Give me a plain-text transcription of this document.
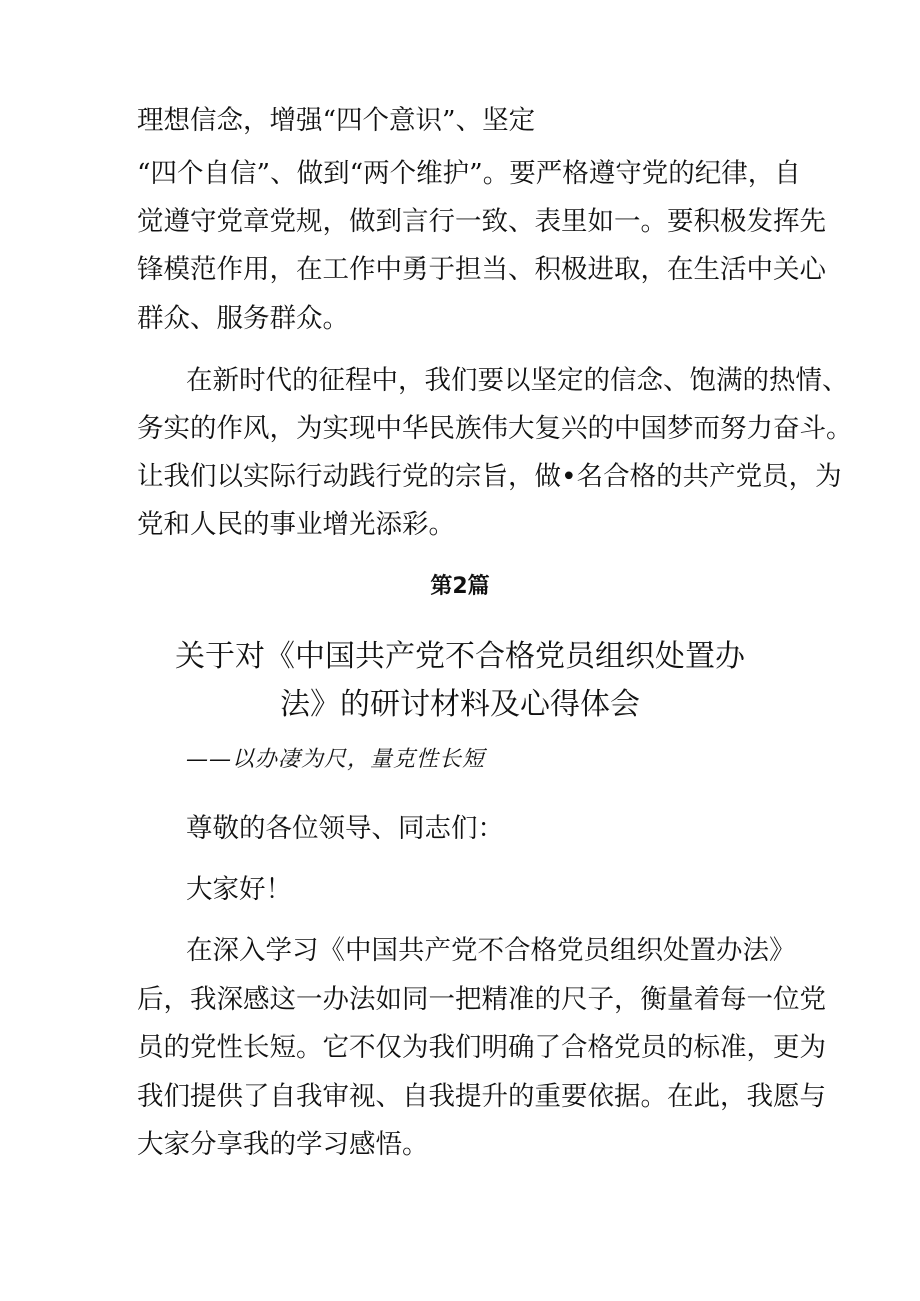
理想信念，增强“四个意识”、坚定
“四个自信”、做到“两个维护”。要严格遵守党的纪律，自
觉遵守党章党规，做到言行一致、表里如一。要积极发挥先
锋模范作用，在工作中勇于担当、积极进取，在生活中关心
群众、服务群众。
在新时代的征程中，我们要以坚定的信念、饱满的热情、
务实的作风，为实现中华民族伟大复兴的中国梦而努力奋斗。
让我们以实际行动践行党的宗旨，做•名合格的共产党员，为
党和人民的事业增光添彩。
第2篇
关于对《中国共产党不合格党员组织处置办
法》的研讨材料及心得体会
——以办凄为尺，量克性长短
尊敬的各位领导、同志们：
大家好！
在深入学习《中国共产党不合格党员组织处置办法》
后，我深感这一办法如同一把精准的尺子，衡量着每一位党
员的党性长短。它不仅为我们明确了合格党员的标准，更为
我们提供了自我审视、自我提升的重要依据。在此，我愿与
大家分享我的学习感悟。
